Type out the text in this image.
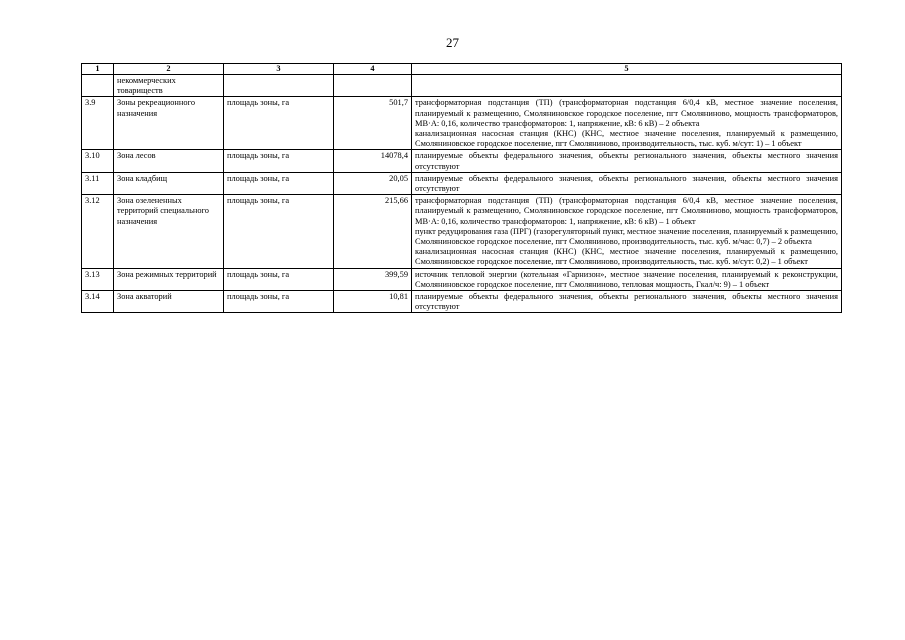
27
1	2	3	4	5
	некоммерческих товариществ			
3.9	Зоны рекреационного назначения	площадь зоны, га	501,7	трансформаторная подстанция (ТП) (трансформаторная подстанция 6/0,4 кВ, местное значение поселения, планируемый к размещению, Смоляниновское городское поселение, пгт Смоляниново, мощность трансформаторов, МВ·А: 0,16, количество трансформаторов: 1, напряжение, кВ: 6 кВ) – 2 объекта
канализационная насосная станция (КНС) (КНС, местное значение поселения, планируемый к размещению, Смоляниновское городское поселение, пгт Смоляниново, производительность, тыс. куб. м/сут: 1) – 1 объект

3.10	Зона лесов	площадь зоны, га	14078,4	планируемые объекты федерального значения, объекты регионального значения, объекты местного значения отсутствуют

3.11	Зона кладбищ	площадь зоны, га	20,05	планируемые объекты федерального значения, объекты регионального значения, объекты местного значения отсутствуют

3.12	Зона озелененных территорий специального назначения	площадь зоны, га	215,66	трансформаторная подстанция (ТП) (трансформаторная подстанция 6/0,4 кВ, местное значение поселения, планируемый к размещению, Смоляниновское городское поселение, пгт Смоляниново, мощность трансформаторов, МВ·А: 0,16, количество трансформаторов: 1, напряжение, кВ: 6 кВ) – 1 объект
пункт редуцирования газа (ПРГ) (газорегуляторный пункт, местное значение поселения, планируемый к размещению, Смоляниновское городское поселение, пгт Смоляниново, производительность, тыс. куб. м/час: 0,7) – 2 объекта
канализационная насосная станция (КНС) (КНС, местное значение поселения, планируемый к размещению, Смоляниновское городское поселение, пгт Смоляниново, производительность, тыс. куб. м/сут: 0,2) – 1 объект

3.13	Зона режимных территорий	площадь зоны, га	399,59	источник тепловой энергии (котельная «Гарнизон», местное значение поселения, планируемый к реконструкции, Смоляниновское городское поселение, пгт Смоляниново, тепловая мощность, Гкал/ч: 9) – 1 объект

3.14	Зона акваторий	площадь зоны, га	10,81	планируемые объекты федерального значения, объекты регионального значения, объекты местного значения отсутствуют
